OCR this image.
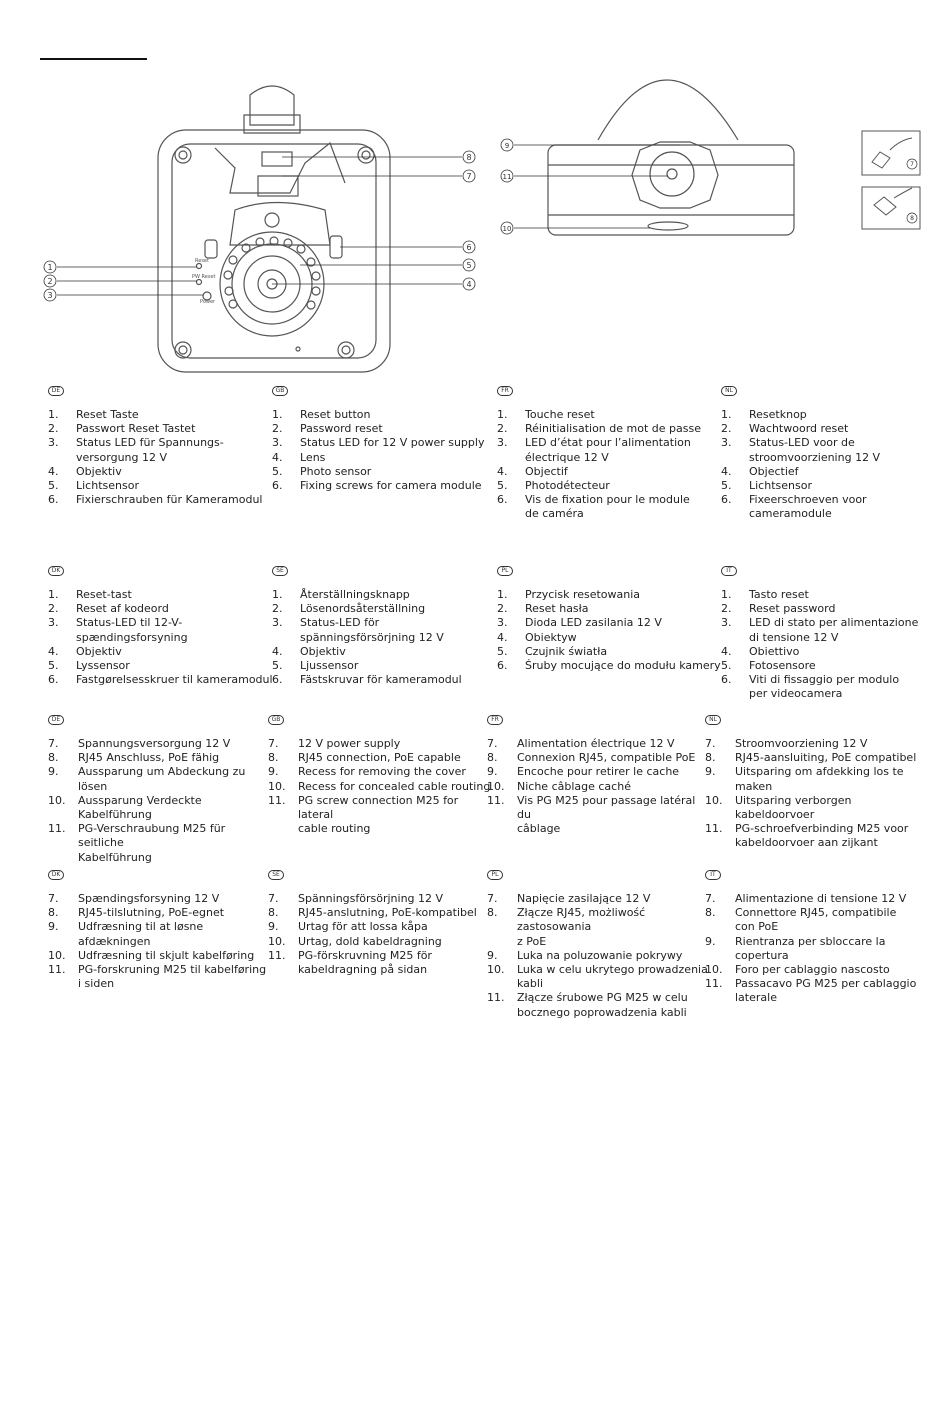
Reset
PW Reset
Power
1
2
3
4
5
6
7
8
9
11
10
7
8
DE
1.	Reset Taste
2.	Passwort Reset Tastet
3.	Status LED für Spannungs-
versorgung 12 V
4.	Objektiv
5.	Lichtsensor
6.	Fixierschrauben für Kameramodul
GB
1.	Reset button
2.	Password reset
3.	Status LED for 12 V power supply
4.	Lens
5.	Photo sensor
6.	Fixing screws for camera module
FR
1.	Touche reset
2.	Réinitialisation de mot de passe
3.	LED d’état pour l’alimentation
électrique 12 V
4.	Objectif
5.	Photodétecteur
6.	Vis de fixation pour le module
de caméra
NL
1.	Resetknop
2.	Wachtwoord reset
3.	Status-LED voor de
stroomvoorziening 12 V
4.	Objectief
5.	Lichtsensor
6.	Fixeerschroeven voor
cameramodule
DK
1.	Reset-tast
2.	Reset af kodeord
3.	Status-LED til 12-V-
spændingsforsyning
4.	Objektiv
5.	Lyssensor
6.	Fastgørelsesskruer til kameramodul
SE
1.	Återställningsknapp
2.	Lösenordsåterställning
3.	Status-LED för
spänningsförsörjning 12 V
4.	Objektiv
5.	Ljussensor
6.	Fästskruvar för kameramodul
PL
1.	Przycisk resetowania
2.	Reset hasła
3.	Dioda LED zasilania 12 V
4.	Obiektyw
5.	Czujnik światła
6.	Śruby mocujące do modułu kamery
IT
1.	Tasto reset
2.	Reset password
3.	LED di stato per alimentazione
di tensione 12 V
4.	Obiettivo
5.	Fotosensore
6.	Viti di fissaggio per modulo
per videocamera
DE
7.	Spannungsversorgung 12 V
8.	RJ45 Anschluss, PoE fähig
9.	Aussparung um Abdeckung zu lösen
10.	Aussparung Verdeckte Kabelführung
11.	PG-Verschraubung M25 für seitliche
Kabelführung
GB
7.	12 V power supply
8.	RJ45 connection, PoE capable
9.	Recess for removing the cover
10.	Recess for concealed cable routing
11.	PG screw connection M25 for lateral
cable routing
FR
7.	Alimentation électrique 12 V
8.	Connexion RJ45, compatible PoE
9.	Encoche pour retirer le cache
10.	Niche câblage caché
11.	Vis PG M25 pour passage latéral du
câblage
NL
7.	Stroomvoorziening 12 V
8.	RJ45-aansluiting, PoE compatibel
9.	Uitsparing om afdekking los te
maken
10.	Uitsparing verborgen kabeldoorvoer
11.	PG-schroefverbinding M25 voor
kabeldoorvoer aan zijkant
DK
7.	Spændingsforsyning 12 V
8.	RJ45-tilslutning, PoE-egnet
9.	Udfræsning til at løsne afdækningen
10.	Udfræsning til skjult kabelføring
11.	PG-forskruning M25 til kabelføring
i siden
SE
7.	Spänningsförsörjning 12 V
8.	RJ45-anslutning, PoE-kompatibel
9.	Urtag för att lossa kåpa
10.	Urtag, dold kabeldragning
11.	PG-förskruvning M25 för
kabeldragning på sidan
PL
7.	Napięcie zasilające 12 V
8.	Złącze RJ45, możliwość zastosowania
z PoE
9.	Luka na poluzowanie pokrywy
10.	Luka w celu ukrytego prowadzenia
kabli
11.	Złącze śrubowe PG M25 w celu
bocznego poprowadzenia kabli
IT
7.	Alimentazione di tensione 12 V
8.	Connettore RJ45, compatibile
con PoE
9.	Rientranza per sbloccare la copertura
10.	Foro per cablaggio nascosto
11.	Passacavo PG M25 per cablaggio
laterale
